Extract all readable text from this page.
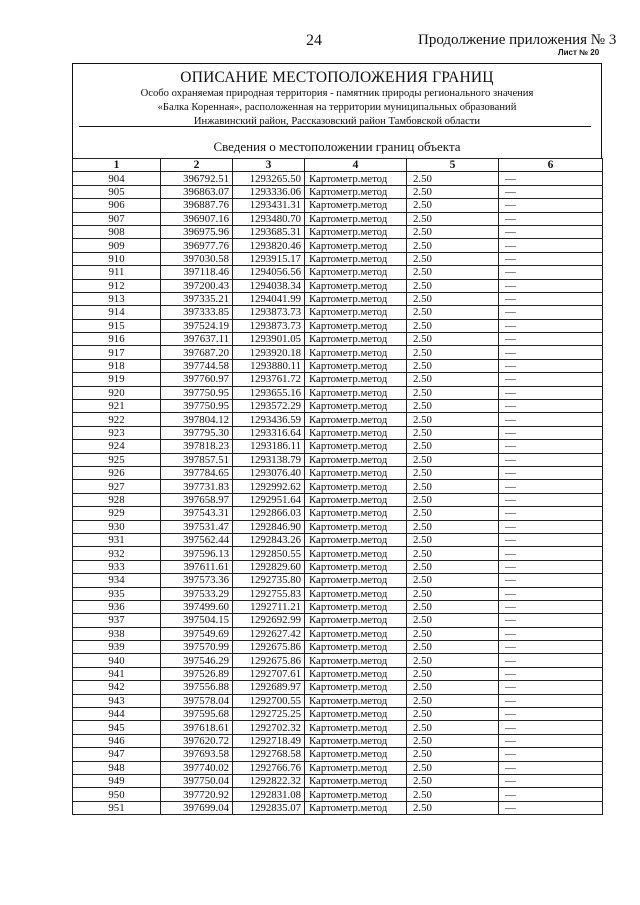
24	Продолжение приложения № 3
Лист № 20
ОПИСАНИЕ МЕСТОПОЛОЖЕНИЯ ГРАНИЦ
Особо охраняемая природная территория - памятник природы регионального значения
«Балка Коренная», расположенная на территории муниципальных образований
Инжавинский район, Рассказовский район Тамбовской области
Сведения о местоположении границ объекта
1	2	3	4	5	6
904	396792.51	1293265.50	Картометр.метод	2.50	—
905	396863.07	1293336.06	Картометр.метод	2.50	—
906	396887.76	1293431.31	Картометр.метод	2.50	—
907	396907.16	1293480.70	Картометр.метод	2.50	—
908	396975.96	1293685.31	Картометр.метод	2.50	—
909	396977.76	1293820.46	Картометр.метод	2.50	—
910	397030.58	1293915.17	Картометр.метод	2.50	—
911	397118.46	1294056.56	Картометр.метод	2.50	—
912	397200.43	1294038.34	Картометр.метод	2.50	—
913	397335.21	1294041.99	Картометр.метод	2.50	—
914	397333.85	1293873.73	Картометр.метод	2.50	—
915	397524.19	1293873.73	Картометр.метод	2.50	—
916	397637.11	1293901.05	Картометр.метод	2.50	—
917	397687.20	1293920.18	Картометр.метод	2.50	—
918	397744.58	1293880.11	Картометр.метод	2.50	—
919	397760.97	1293761.72	Картометр.метод	2.50	—
920	397750.95	1293655.16	Картометр.метод	2.50	—
921	397750.95	1293572.29	Картометр.метод	2.50	—
922	397804.12	1293436.59	Картометр.метод	2.50	—
923	397795.30	1293316.64	Картометр.метод	2.50	—
924	397818.23	1293186.11	Картометр.метод	2.50	—
925	397857.51	1293138.79	Картометр.метод	2.50	—
926	397784.65	1293076.40	Картометр.метод	2.50	—
927	397731.83	1292992.62	Картометр.метод	2.50	—
928	397658.97	1292951.64	Картометр.метод	2.50	—
929	397543.31	1292866.03	Картометр.метод	2.50	—
930	397531.47	1292846.90	Картометр.метод	2.50	—
931	397562.44	1292843.26	Картометр.метод	2.50	—
932	397596.13	1292850.55	Картометр.метод	2.50	—
933	397611.61	1292829.60	Картометр.метод	2.50	—
934	397573.36	1292735.80	Картометр.метод	2.50	—
935	397533.29	1292755.83	Картометр.метод	2.50	—
936	397499.60	1292711.21	Картометр.метод	2.50	—
937	397504.15	1292692.99	Картометр.метод	2.50	—
938	397549.69	1292627.42	Картометр.метод	2.50	—
939	397570.99	1292675.86	Картометр.метод	2.50	—
940	397546.29	1292675.86	Картометр.метод	2.50	—
941	397526.89	1292707.61	Картометр.метод	2.50	—
942	397556.88	1292689.97	Картометр.метод	2.50	—
943	397578.04	1292700.55	Картометр.метод	2.50	—
944	397595.68	1292725.25	Картометр.метод	2.50	—
945	397618.61	1292702.32	Картометр.метод	2.50	—
946	397620.72	1292718.49	Картометр.метод	2.50	—
947	397693.58	1292768.58	Картометр.метод	2.50	—
948	397740.02	1292766.76	Картометр.метод	2.50	—
949	397750.04	1292822.32	Картометр.метод	2.50	—
950	397720.92	1292831.08	Картометр.метод	2.50	—
951	397699.04	1292835.07	Картометр.метод	2.50	—
